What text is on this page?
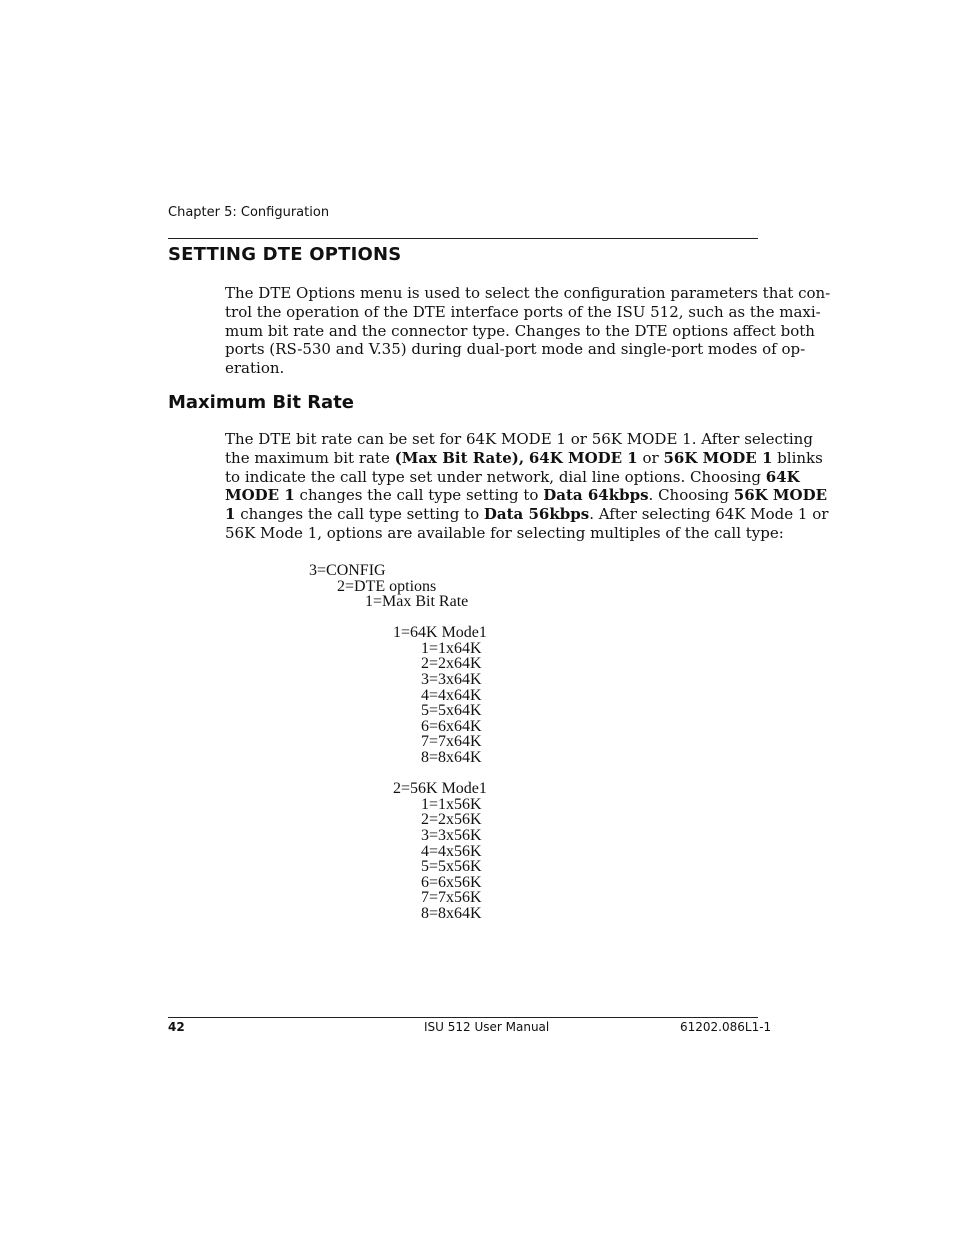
Chapter 5: Configuration
SETTING DTE OPTIONS
The DTE Options menu is used to select the configuration parameters that con-
trol the operation of the DTE interface ports of the ISU 512, such as the maxi-
mum bit rate and the connector type. Changes to the DTE options affect both
ports (RS-530 and V.35) during dual-port mode and single-port modes of op-
eration.
Maximum Bit Rate
The DTE bit rate can be set for 64K MODE 1 or 56K MODE 1. After selecting
the maximum bit rate (Max Bit Rate), 64K MODE 1 or 56K MODE 1 blinks
to indicate the call type set under network, dial line options. Choosing 64K
MODE 1 changes the call type setting to Data 64kbps. Choosing 56K MODE
1 changes the call type setting to Data 56kbps. After selecting 64K Mode 1 or
56K Mode 1, options are available for selecting multiples of the call type:
3=CONFIG
2=DTE options
1=Max Bit Rate
1=64K Mode1
1=1x64K
2=2x64K
3=3x64K
4=4x64K
5=5x64K
6=6x64K
7=7x64K
8=8x64K
2=56K Mode1
1=1x56K
2=2x56K
3=3x56K
4=4x56K
5=5x56K
6=6x56K
7=7x56K
8=8x64K
42	ISU 512 User Manual	61202.086L1-1
